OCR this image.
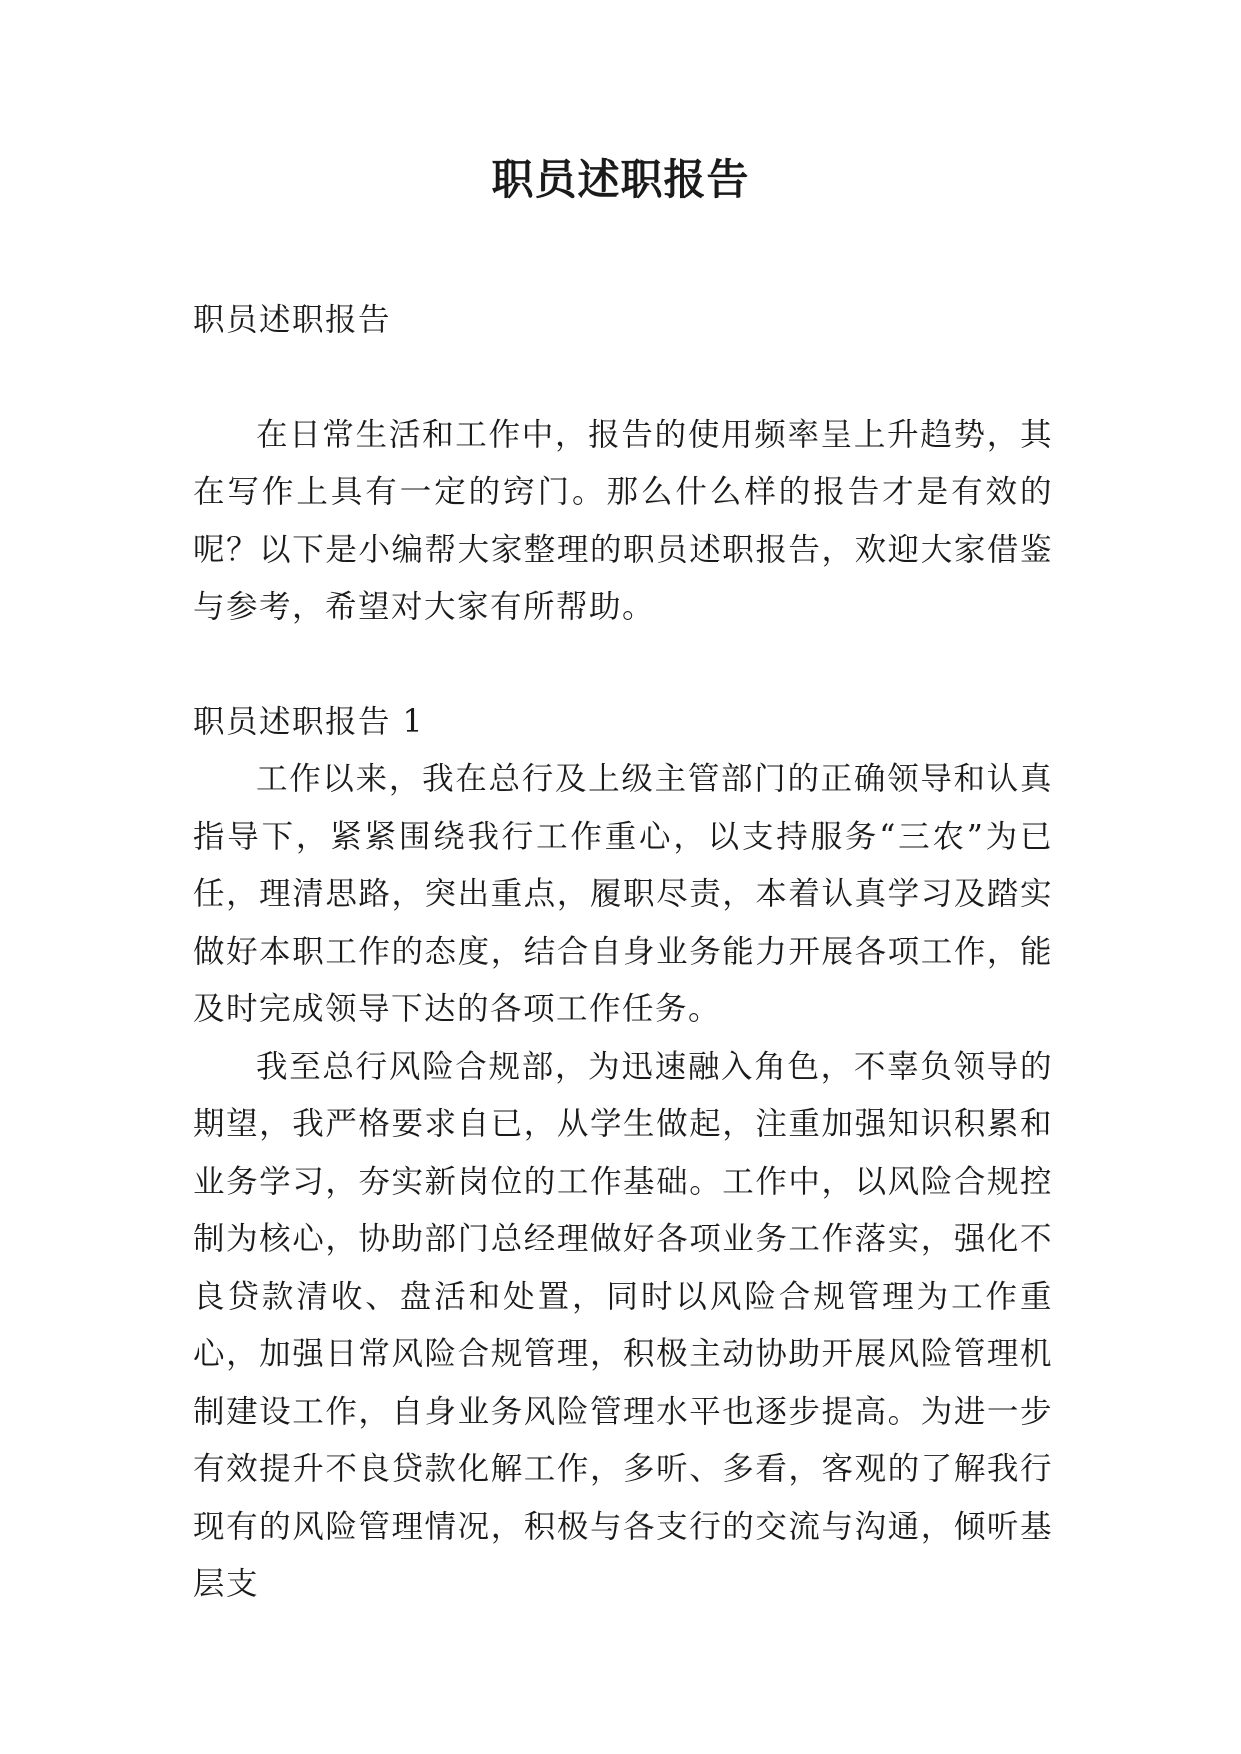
职员述职报告

职员述职报告

在日常生活和工作中，报告的使用频率呈上升趋势，其在写作上具有一定的窍门。那么什么样的报告才是有效的呢？以下是小编帮大家整理的职员述职报告，欢迎大家借鉴与参考，希望对大家有所帮助。

职员述职报告 1

工作以来，我在总行及上级主管部门的正确领导和认真指导下，紧紧围绕我行工作重心，以支持服务“三农”为已任，理清思路，突出重点，履职尽责，本着认真学习及踏实做好本职工作的态度，结合自身业务能力开展各项工作，能及时完成领导下达的各项工作任务。

我至总行风险合规部，为迅速融入角色，不辜负领导的期望，我严格要求自已，从学生做起，注重加强知识积累和业务学习，夯实新岗位的工作基础。工作中，以风险合规控制为核心，协助部门总经理做好各项业务工作落实，强化不良贷款清收、盘活和处置，同时以风险合规管理为工作重心，加强日常风险合规管理，积极主动协助开展风险管理机制建设工作，自身业务风险管理水平也逐步提高。为进一步有效提升不良贷款化解工作，多听、多看，客观的了解我行现有的风险管理情况，积极与各支行的交流与沟通，倾听基层支
